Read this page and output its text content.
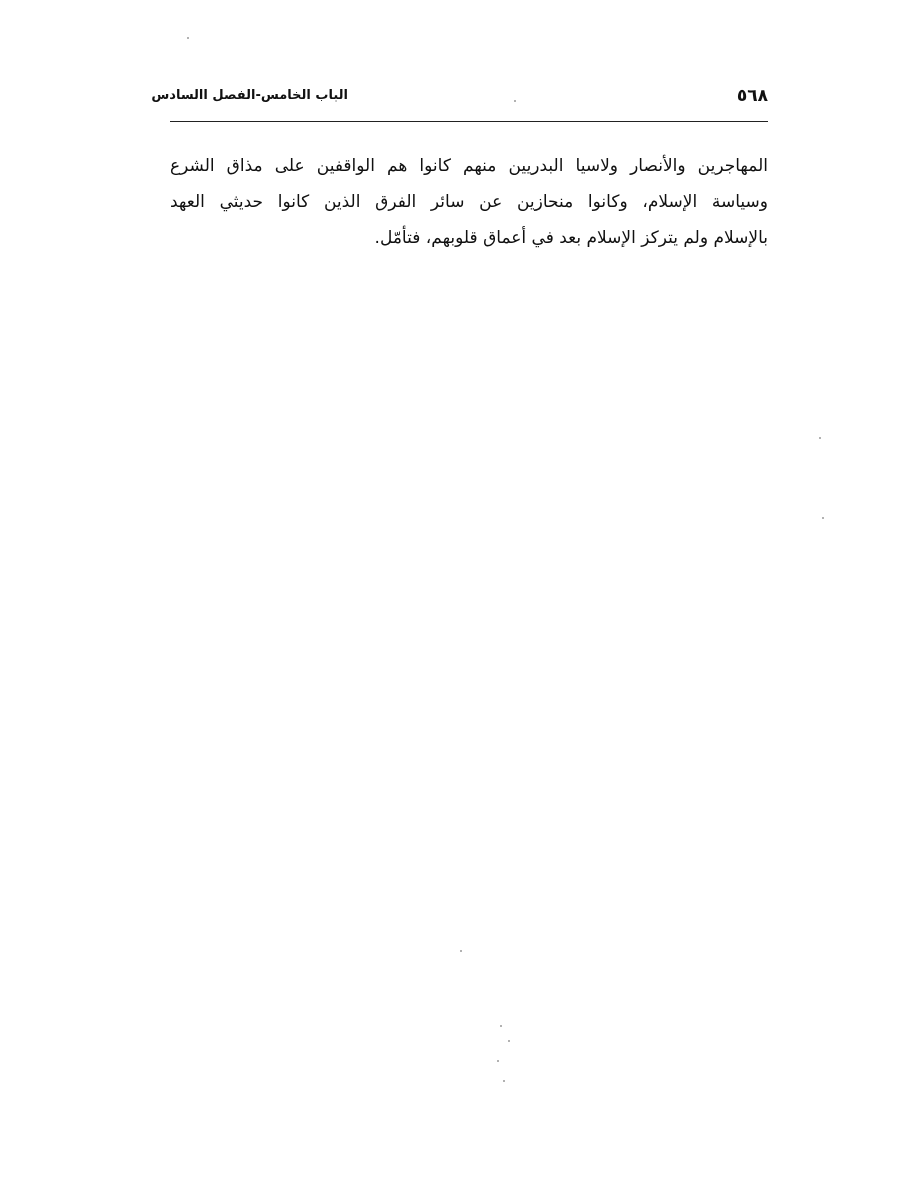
٥٦٨
الباب الخامس-الفصل االسادس
المهاجرين والأنصار ولاسيا البدريين منهم كانوا هم الواقفين على مذاق الشرع
وسياسة الإسلام، وكانوا منحازين عن سائر الفرق الذين كانوا حديثي العهد
بالإسلام ولم يتركز الإسلام بعد في أعماق قلوبهم، فتأمّل.
